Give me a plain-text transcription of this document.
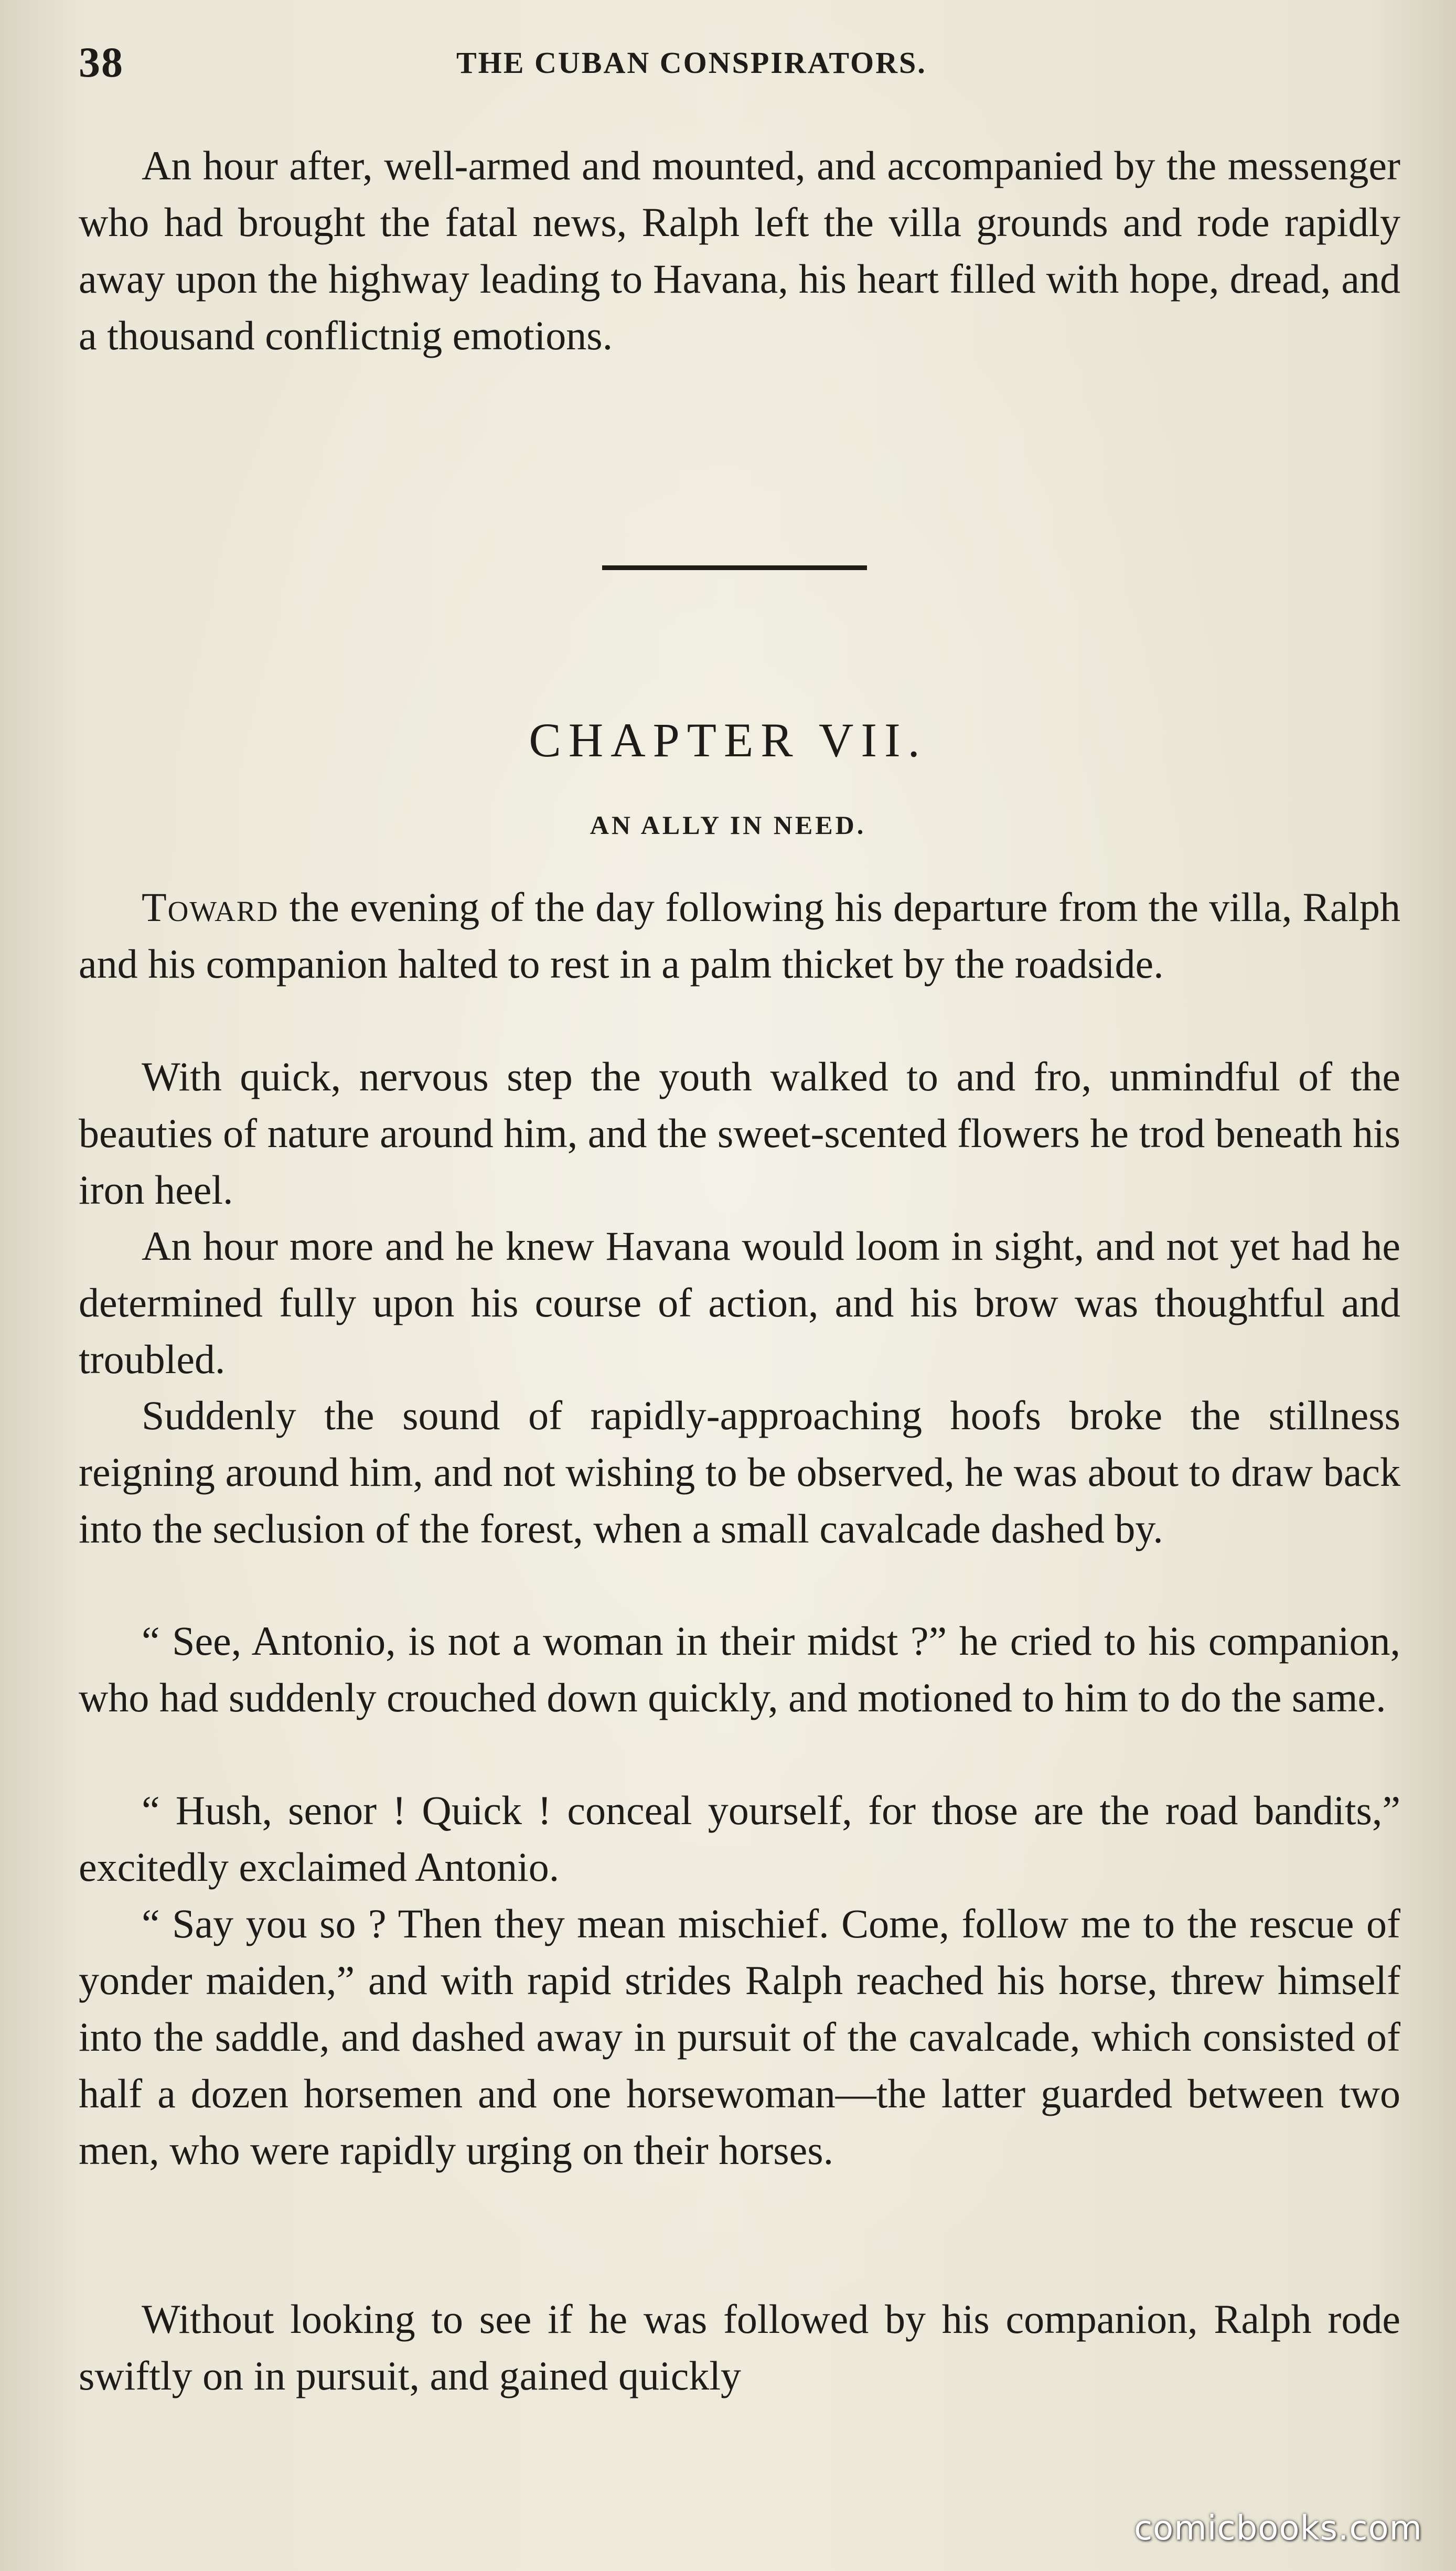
38	THE CUBAN CONSPIRATORS.

An hour after, well-armed and mounted, and accompanied by the messenger who had brought the fatal news, Ralph left the villa grounds and rode rapidly away upon the highway leading to Havana, his heart filled with hope, dread, and a thousand conflictnig emotions.

CHAPTER VII.
AN ALLY IN NEED.

Toward the evening of the day following his departure from the villa, Ralph and his companion halted to rest in a palm thicket by the roadside.

With quick, nervous step the youth walked to and fro, unmindful of the beauties of nature around him, and the sweet-scented flowers he trod beneath his iron heel.

An hour more and he knew Havana would loom in sight, and not yet had he determined fully upon his course of action, and his brow was thoughtful and troubled.

Suddenly the sound of rapidly-approaching hoofs broke the stillness reigning around him, and not wishing to be observed, he was about to draw back into the seclusion of the forest, when a small cavalcade dashed by.

“ See, Antonio, is not a woman in their midst ?” he cried to his companion, who had suddenly crouched down quickly, and motioned to him to do the same.

“ Hush, senor ! Quick ! conceal yourself, for those are the road bandits,” excitedly exclaimed Antonio.

“ Say you so ? Then they mean mischief. Come, follow me to the rescue of yonder maiden,” and with rapid strides Ralph reached his horse, threw himself into the saddle, and dashed away in pursuit of the cavalcade, which consisted of half a dozen horsemen and one horsewoman—the latter guarded between two men, who were rapidly urging on their horses.

Without looking to see if he was followed by his companion, Ralph rode swiftly on in pursuit, and gained quickly

comicbooks.com
